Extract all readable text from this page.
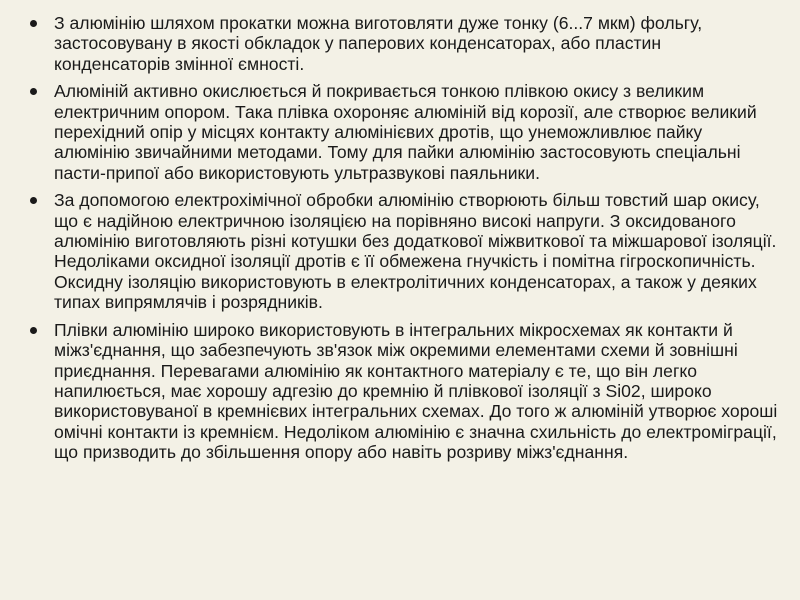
З алюмінію шляхом прокатки можна виготовляти дуже тонку (6...7 мкм) фольгу, застосовувану в якості обкладок у паперових конденсаторах, або пластин конденсаторів змінної ємності.
Алюміній активно окислюється й покривається тонкою плівкою окису з великим електричним опором. Така плівка охороняє алюміній від корозії, але створює великий перехідний опір у місцях контакту алюмінієвих дротів, що унеможливлює пайку алюмінію звичайними методами. Тому для пайки алюмінію застосовують спеціальні пасти-припої або використовують ультразвукові паяльники.
За допомогою електрохімічної обробки алюмінію створюють більш товстий шар окису, що є надійною електричною ізоляцією на порівняно високі напруги. З оксидованого алюмінію виготовляють різні котушки без додаткової міжвиткової та міжшарової ізоляції. Недоліками оксидної ізоляції дротів є її обмежена гнучкість і помітна гігроскопичність. Оксидну ізоляцію використовують в електролітичних конденсаторах, а також у деяких типах випрямлячів і розрядників.
Плівки алюмінію широко використовують в інтегральних мікросхемах як контакти й міжз'єднання, що забезпечують зв'язок між окремими елементами схеми й зовнішні приєднання. Перевагами алюмінію як контактного матеріалу є те, що він легко напилюється, має хорошу адгезію до кремнію й плівкової ізоляції з Si02, широко використовуваної в кремнієвих інтегральних схемах. До того ж алюміній утворює хороші омічні контакти із кремнієм. Недоліком алюмінію є значна схильність до електроміграції, що призводить до збільшення опору або навіть розриву міжз'єднання.
